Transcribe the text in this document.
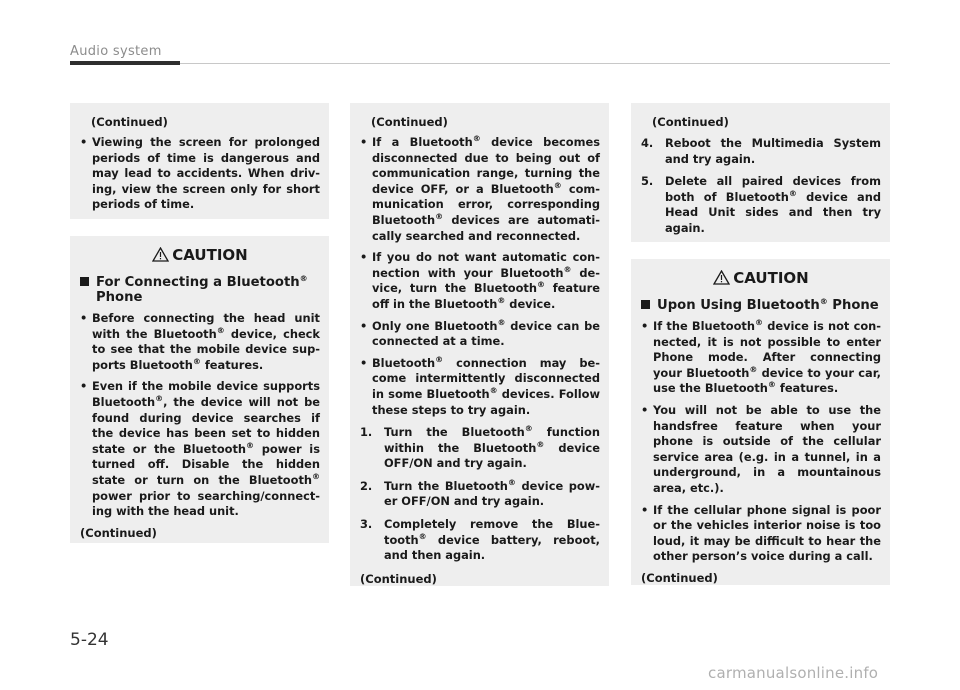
Audio system
(Continued)
• Viewing the screen for prolonged periods of time is dangerous and may lead to accidents. When driv-ing, view the screen only for short periods of time.
CAUTION
For Connecting a Bluetooth®
Phone
• Before connecting the head unit with the Bluetooth® device, check to see that the mobile device sup-ports Bluetooth® features.
• Even if the mobile device supports Bluetooth®, the device will not be found during device searches if the device has been set to hidden state or the Bluetooth® power is turned off. Disable the hidden state or turn on the Bluetooth® power prior to searching/connect-ing with the head unit.
(Continued)
(Continued)
• If a Bluetooth® device becomes disconnected due to being out of communication range, turning the device OFF, or a Bluetooth® com-munication error, corresponding Bluetooth® devices are automati-cally searched and reconnected.
• If you do not want automatic con-nection with your Bluetooth® de-vice, turn the Bluetooth® feature off in the Bluetooth® device.
• Only one Bluetooth® device can be connected at a time.
• Bluetooth® connection may be-come intermittently disconnected in some Bluetooth® devices. Follow these steps to try again.
1. Turn the Bluetooth® function within the Bluetooth® device OFF/ON and try again.
2. Turn the Bluetooth® device pow-er OFF/ON and try again.
3. Completely remove the Blue-tooth® device battery, reboot, and then again.
(Continued)
(Continued)
4. Reboot the Multimedia System and try again.
5. Delete all paired devices from both of Bluetooth® device and Head Unit sides and then try again.
CAUTION
Upon Using Bluetooth® Phone
• If the Bluetooth® device is not con-nected, it is not possible to enter Phone mode. After connecting your Bluetooth® device to your car, use the Bluetooth® features.
• You will not be able to use the handsfree feature when your phone is outside of the cellular service area (e.g. in a tunnel, in a underground, in a mountainous area, etc.).
• If the cellular phone signal is poor or the vehicles interior noise is too loud, it may be difficult to hear the other person’s voice during a call.
(Continued)
5-24
carmanualsonline.info
